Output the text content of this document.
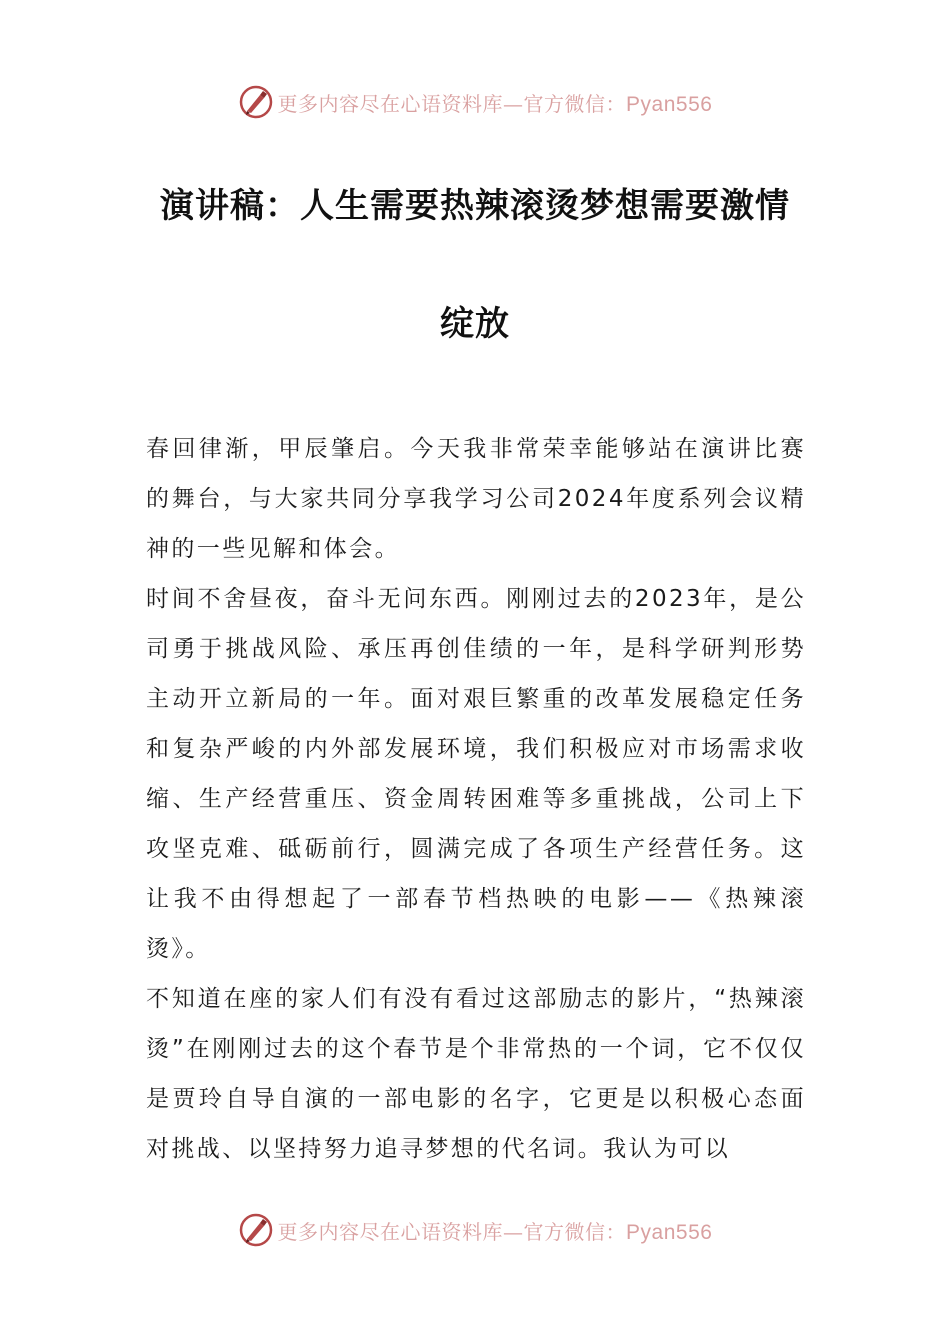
更多内容尽在心语资料库—官方微信：Pyan556
演讲稿：人生需要热辣滚烫梦想需要激情
绽放

春回律渐，甲辰肇启。今天我非常荣幸能够站在演讲比赛的舞台，与大家共同分享我学习公司2024年度系列会议精神的一些见解和体会。

时间不舍昼夜，奋斗无问东西。刚刚过去的2023年，是公司勇于挑战风险、承压再创佳绩的一年，是科学研判形势主动开立新局的一年。面对艰巨繁重的改革发展稳定任务和复杂严峻的内外部发展环境，我们积极应对市场需求收缩、生产经营重压、资金周转困难等多重挑战，公司上下攻坚克难、砥砺前行，圆满完成了各项生产经营任务。这让我不由得想起了一部春节档热映的电影——《热辣滚烫》。

不知道在座的家人们有没有看过这部励志的影片，“热辣滚烫”在刚刚过去的这个春节是个非常热的一个词，它不仅仅是贾玲自导自演的一部电影的名字，它更是以积极心态面对挑战、以坚持努力追寻梦想的代名词。我认为可以

更多内容尽在心语资料库—官方微信：Pyan556
